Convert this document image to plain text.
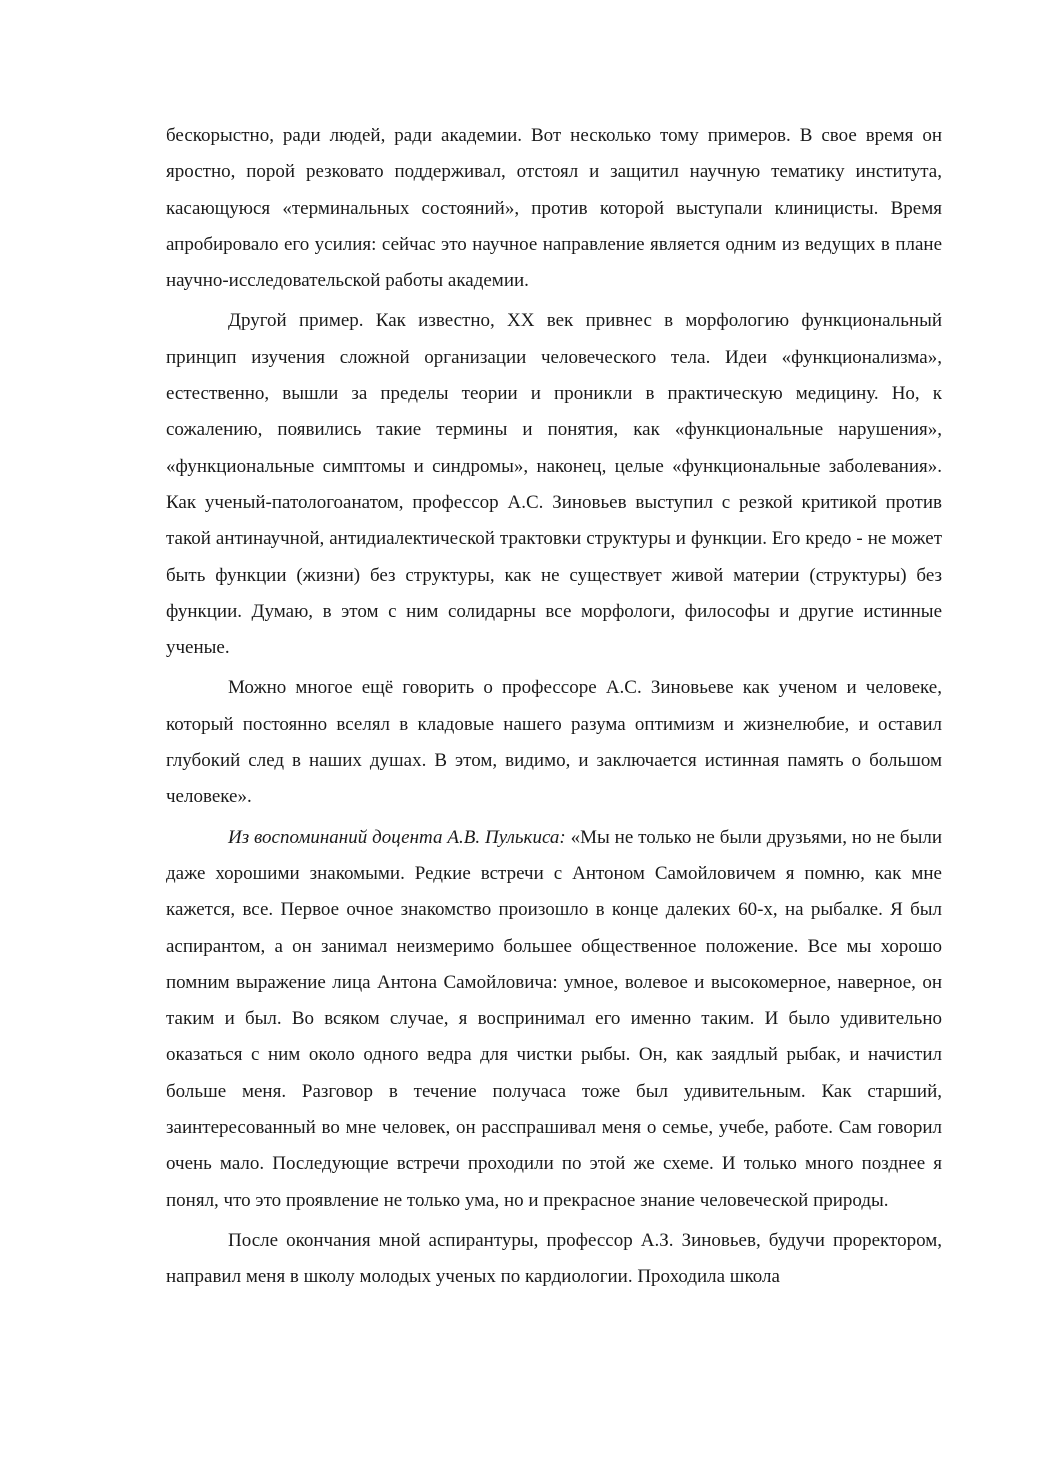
бескорыстно, ради людей, ради академии. Вот несколько тому примеров. В свое время он яростно, порой резковато поддерживал, отстоял и защитил научную тематику института, касающуюся «терминальных состояний», против которой выступали клиницисты. Время апробировало его усилия: сейчас это научное направление является одним из ведущих в плане научно-исследовательской работы академии.

Другой пример. Как известно, XX век привнес в морфологию функциональный принцип изучения сложной организации человеческого тела. Идеи «функционализма», естественно, вышли за пределы теории и проникли в практическую медицину. Но, к сожалению, появились такие термины и понятия, как «функциональные нарушения», «функциональные симптомы и синдромы», наконец, целые «функциональные заболевания». Как ученый-патологоанатом, профессор А.С. Зиновьев выступил с резкой критикой против такой антинаучной, антидиалектической трактовки структуры и функции. Его кредо - не может быть функции (жизни) без структуры, как не существует живой материи (структуры) без функции. Думаю, в этом с ним солидарны все морфологи, философы и другие истинные ученые.

Можно многое ещё говорить о профессоре А.С. Зиновьеве как ученом и человеке, который постоянно вселял в кладовые нашего разума оптимизм и жизнелюбие, и оставил глубокий след в наших душах. В этом, видимо, и заключается истинная память о большом человеке».

Из воспоминаний доцента А.В. Пулькиса: «Мы не только не были друзьями, но не были даже хорошими знакомыми. Редкие встречи с Антоном Самойловичем я помню, как мне кажется, все. Первое очное знакомство произошло в конце далеких 60-х, на рыбалке. Я был аспирантом, а он занимал неизмеримо большее общественное положение. Все мы хорошо помним выражение лица Антона Самойловича: умное, волевое и высокомерное, наверное, он таким и был. Во всяком случае, я воспринимал его именно таким. И было удивительно оказаться с ним около одного ведра для чистки рыбы. Он, как заядлый рыбак, и начистил больше меня. Разговор в течение получаса тоже был удивительным. Как старший, заинтересованный во мне человек, он расспрашивал меня о семье, учебе, работе. Сам говорил очень мало. Последующие встречи проходили по этой же схеме. И только много позднее я понял, что это проявление не только ума, но и прекрасное знание человеческой природы.

После окончания мной аспирантуры, профессор А.З. Зиновьев, будучи проректором, направил меня в школу молодых ученых по кардиологии. Проходила школа
